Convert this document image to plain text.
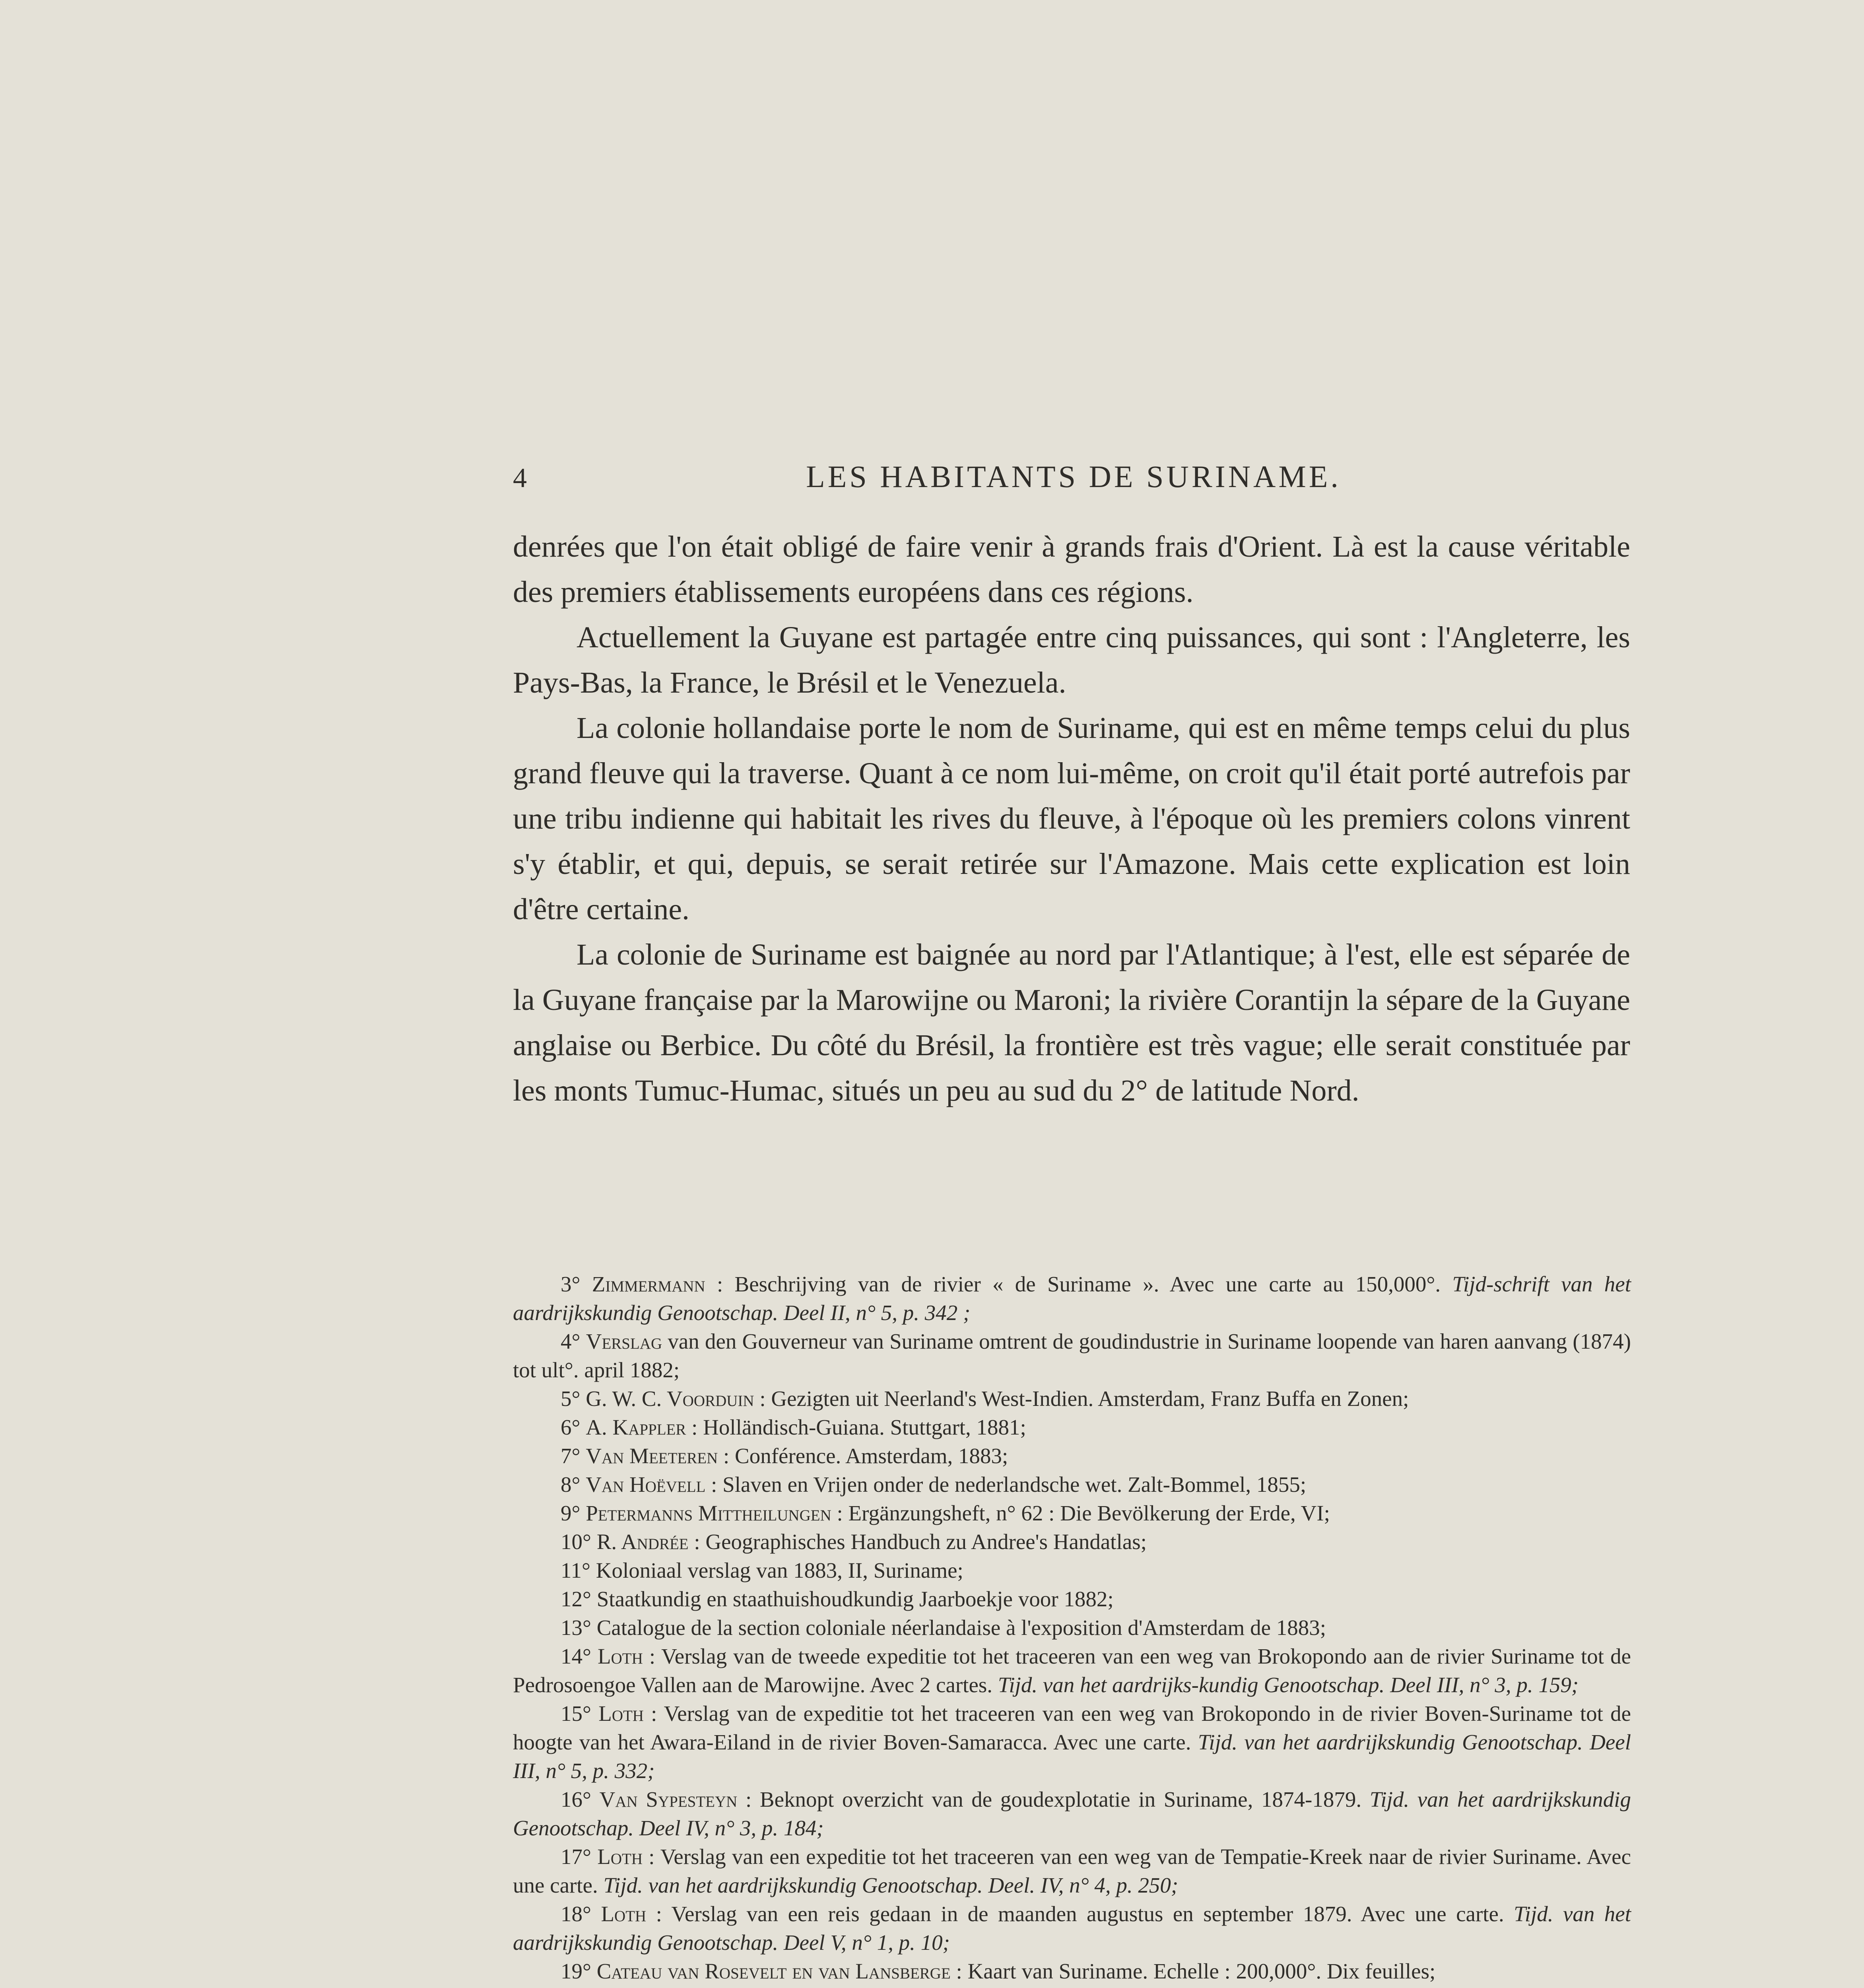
4	LES HABITANTS DE SURINAME.

denrées que l'on était obligé de faire venir à grands frais d'Orient. Là est la cause véritable des premiers établissements européens dans ces régions.

Actuellement la Guyane est partagée entre cinq puissances, qui sont : l'Angleterre, les Pays-Bas, la France, le Brésil et le Venezuela.

La colonie hollandaise porte le nom de Suriname, qui est en même temps celui du plus grand fleuve qui la traverse. Quant à ce nom lui-même, on croit qu'il était porté autrefois par une tribu indienne qui habitait les rives du fleuve, à l'époque où les premiers colons vinrent s'y établir, et qui, depuis, se serait retirée sur l'Amazone. Mais cette explication est loin d'être certaine.

La colonie de Suriname est baignée au nord par l'Atlantique; à l'est, elle est séparée de la Guyane française par la Marowijne ou Maroni; la rivière Corantijn la sépare de la Guyane anglaise ou Berbice. Du côté du Brésil, la frontière est très vague; elle serait constituée par les monts Tumuc-Humac, situés un peu au sud du 2° de latitude Nord.

3° Zimmermann : Beschrijving van de rivier « de Suriname ». Avec une carte au 150,000°. Tijd-schrift van het aardrijkskundig Genootschap. Deel II, n° 5, p. 342 ;

4° Verslag van den Gouverneur van Suriname omtrent de goudindustrie in Suriname loopende van haren aanvang (1874) tot ult°. april 1882;

5° G. W. C. Voorduin : Gezigten uit Neerland's West-Indien. Amsterdam, Franz Buffa en Zonen;

6° A. Kappler : Holländisch-Guiana. Stuttgart, 1881;

7° Van Meeteren : Conférence. Amsterdam, 1883;

8° Van Hoëvell : Slaven en Vrijen onder de nederlandsche wet. Zalt-Bommel, 1855;

9° Petermanns Mittheilungen : Ergänzungsheft, n° 62 : Die Bevölkerung der Erde, VI;

10° R. Andrée : Geographisches Handbuch zu Andree's Handatlas;

11° Koloniaal verslag van 1883, II, Suriname;

12° Staatkundig en staathuishoudkundig Jaarboekje voor 1882;

13° Catalogue de la section coloniale néerlandaise à l'exposition d'Amsterdam de 1883;

14° Loth : Verslag van de tweede expeditie tot het traceeren van een weg van Brokopondo aan de rivier Suriname tot de Pedrosoengoe Vallen aan de Marowijne. Avec 2 cartes. Tijd. van het aardrijks-kundig Genootschap. Deel III, n° 3, p. 159;

15° Loth : Verslag van de expeditie tot het traceeren van een weg van Brokopondo in de rivier Boven-Suriname tot de hoogte van het Awara-Eiland in de rivier Boven-Samaracca. Avec une carte. Tijd. van het aardrijkskundig Genootschap. Deel III, n° 5, p. 332;

16° Van Sypesteyn : Beknopt overzicht van de goudexplotatie in Suriname, 1874-1879. Tijd. van het aardrijkskundig Genootschap. Deel IV, n° 3, p. 184;

17° Loth : Verslag van een expeditie tot het traceeren van een weg van de Tempatie-Kreek naar de rivier Suriname. Avec une carte. Tijd. van het aardrijkskundig Genootschap. Deel. IV, n° 4, p. 250;

18° Loth : Verslag van een reis gedaan in de maanden augustus en september 1879. Avec une carte. Tijd. van het aardrijkskundig Genootschap. Deel V, n° 1, p. 10;

19° Cateau van Rosevelt en van Lansberge : Kaart van Suriname. Echelle : 200,000°. Dix feuilles;
